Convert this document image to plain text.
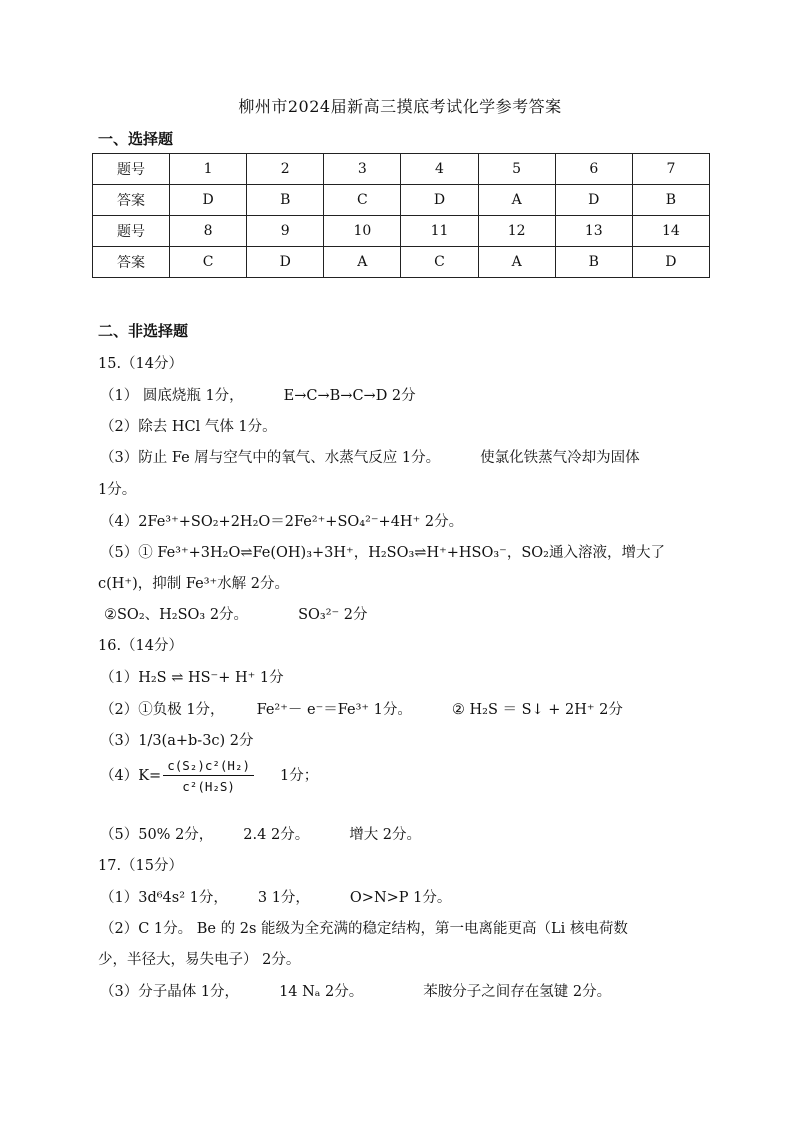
柳州市2024届新高三摸底考试化学参考答案
一、选择题
题号	1	2	3	4	5	6	7
答案	D	B	C	D	A	D	B
题号	8	9	10	11	12	13	14
答案	C	D	A	C	A	B	D
二、非选择题
15.（14分）
（1） 圆底烧瓶 1分，	E→C→B→C→D 2分
（2）除去 HCl 气体 1分。
（3）防止 Fe 屑与空气中的氧气、水蒸气反应 1分。	使氯化铁蒸气冷却为固体
1分。
（4）2Fe³⁺+SO₂+2H₂O＝2Fe²⁺+SO₄²⁻+4H⁺ 2分。
（5）① Fe³⁺+3H₂O⇌Fe(OH)₃+3H⁺，H₂SO₃⇌H⁺+HSO₃⁻，SO₂通入溶液，增大了
c(H⁺)，抑制 Fe³⁺水解 2分。
②SO₂、H₂SO₃ 2分。	SO₃²⁻ 2分
16.（14分）
（1）H₂S ⇌ HS⁻+ H⁺ 1分
（2）①负极 1分， Fe²⁺－ e⁻＝Fe³⁺ 1分。	② H₂S ＝ S↓ + 2H⁺ 2分
（3）1/3(a+b-3c) 2分
$(4)K= \frac{\text{c(S₂)c²(H₂)}}{\text{c²(H₂S)}} 1$分；
（5）50% 2分， 2.4 2分。	增大 2分。
17.（15分）
（1）3d⁶4s² 1分， 3 1分，	O>N>P 1分。
（2）C 1分。 Be 的 2s 能级为全充满的稳定结构，第一电离能更高（Li 核电荷数
少，半径大，易失电子） 2分。
（3）分子晶体 1分，	14 Nₐ 2分。	苯胺分子之间存在氢键 2分。
